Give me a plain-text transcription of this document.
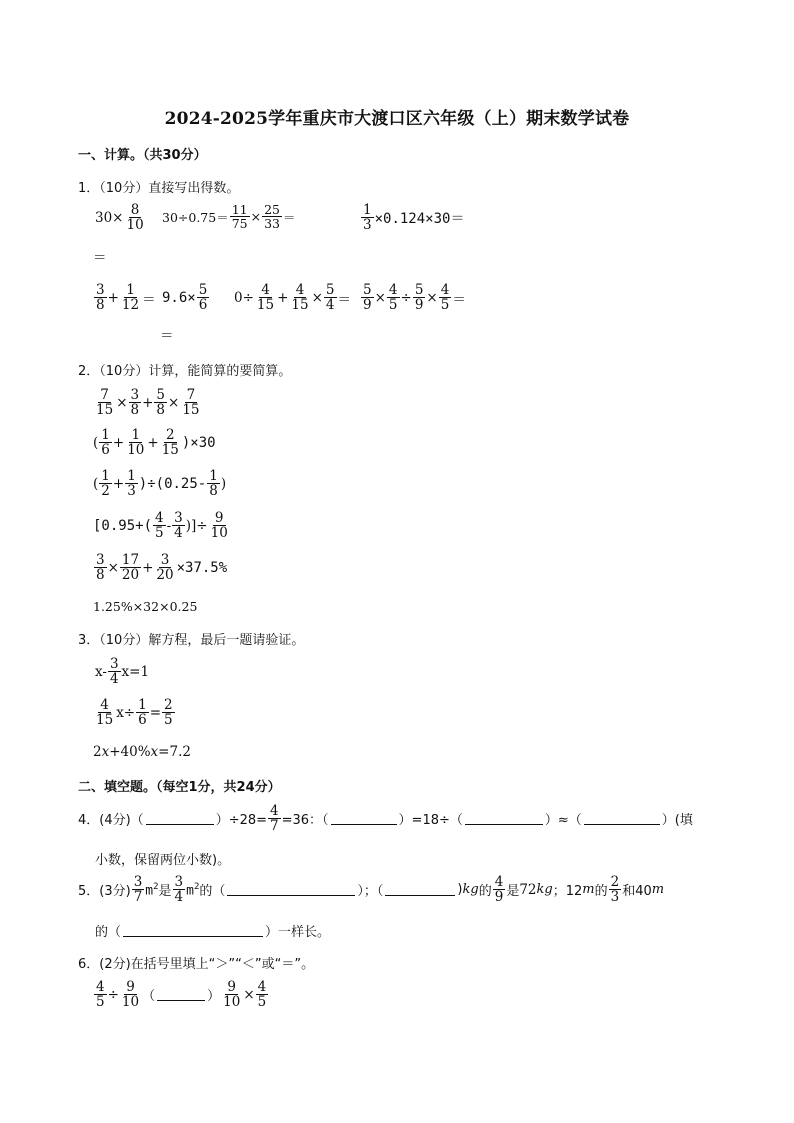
2024-2025学年重庆市大渡口区六年级（上）期末数学试卷
一、计算。（共30分）
1．（10分）直接写出得数。
$30\times \frac{8}{10}$
＝
$30\div 0.75= \frac{11}{75} \times \frac{25}{33}$ ＝	$\frac{1}{3} \times 0.124\times 30=$
$\frac{3}{8} + \frac{1}{12} = 9.6\times \frac{5}{6}$
＝
$0\div \frac{4}{15} + \frac{4}{15} \times \frac{5}{4} = \frac{5}{9} \times \frac{4}{5} \div \frac{5}{9} \times \frac{4}{5}$ ＝
2．（10分）计算，能简算的要简算。
$\frac{7}{15} \times \frac{3}{8} + \frac{5}{8} \times \frac{7}{15}$
( $\frac{1}{6} + \frac{1}{10} + \frac{2}{15} )\times 30$
( $\frac{1}{2} + \frac{1}{3} )\div(0.25- \frac{1}{8}$ )
[$0.95+( \frac{4}{5} - \frac{3}{4}$ )]÷ $\frac{9}{10}$
$\frac{3}{8} \times \frac{17}{20} + \frac{3}{20} \times 37.5\%$
1.25%×32×0.25
3．（10分）解方程，最后一题请验证。
$x- \frac{3}{4} x=1$
$\frac{4}{15} x\div \frac{1}{6} = \frac{2}{5}$
2x+40%x=7.2
二、填空题。（每空1分，共24分）
4．(4分)（	）$\div 28= \frac{4}{7} =36$：（	）=18÷（	）≈（	）(填
小数，保留两位小数)。
5．(3分) $\frac{3}{7} m^2$ 是 $\frac{3}{4} m^2$ 的（	）；（	) kg 的 $\frac{4}{9}$ 是 72 kg ；12 m 的 $\frac{2}{3}$ 和40 m
的（	）一样长。
6．(2分)在括号里填上“＞”“＜”或“＝”。
$\frac{4}{5} \div \frac{9}{10}$ （	） $\frac{9}{10} \times \frac{4}{5}$
